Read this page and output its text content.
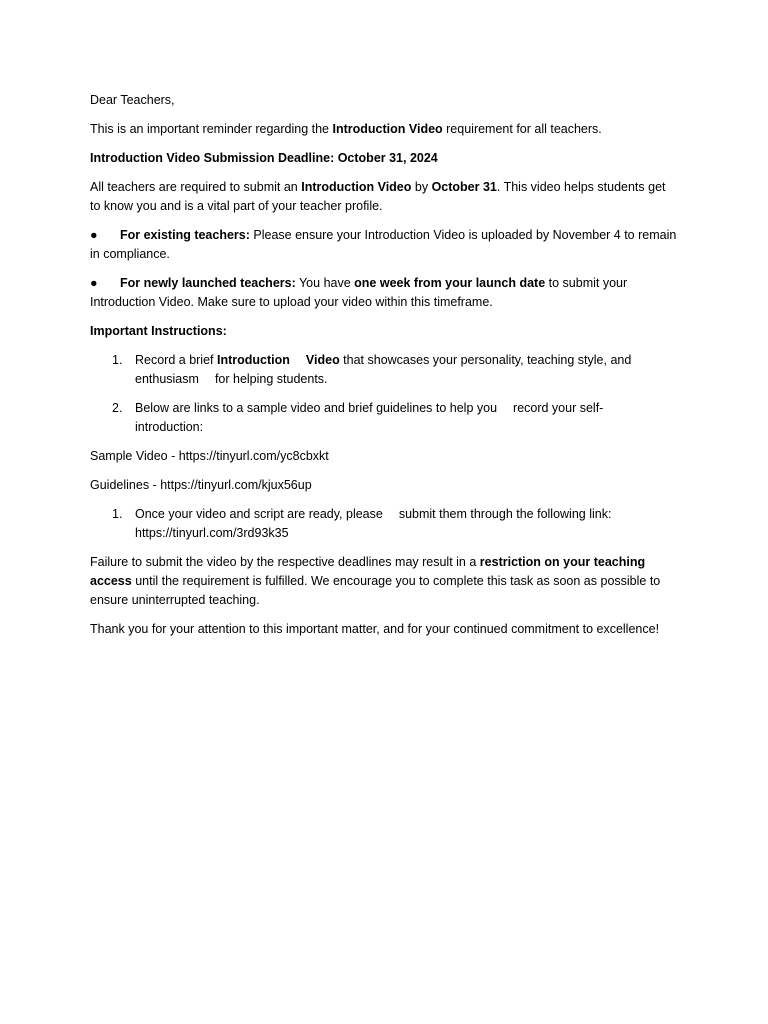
Dear Teachers,

This is an important reminder regarding the Introduction Video requirement for all teachers.

Introduction Video Submission Deadline: October 31, 2024

All teachers are required to submit an Introduction Video by October 31. This video helps students get to know you and is a vital part of your teacher profile.

● For existing teachers: Please ensure your Introduction Video is uploaded by November 4 to remain
in compliance.
● For newly launched teachers: You have one week from your launch date to submit your
Introduction Video. Make sure to upload your video within this timeframe.

Important Instructions:

1. Record a brief Introduction Video that showcases your personality, teaching style, and
enthusiasm for helping students.
2. Below are links to a sample video and brief guidelines to help you record your self-
introduction:

Sample Video - https://tinyurl.com/yc8cbxkt

Guidelines - https://tinyurl.com/kjux56up

1. Once your video and script are ready, please submit them through the following link:
https://tinyurl.com/3rd93k35

Failure to submit the video by the respective deadlines may result in a restriction on your teaching access until the requirement is fulfilled. We encourage you to complete this task as soon as possible to ensure uninterrupted teaching.

Thank you for your attention to this important matter, and for your continued commitment to excellence!
